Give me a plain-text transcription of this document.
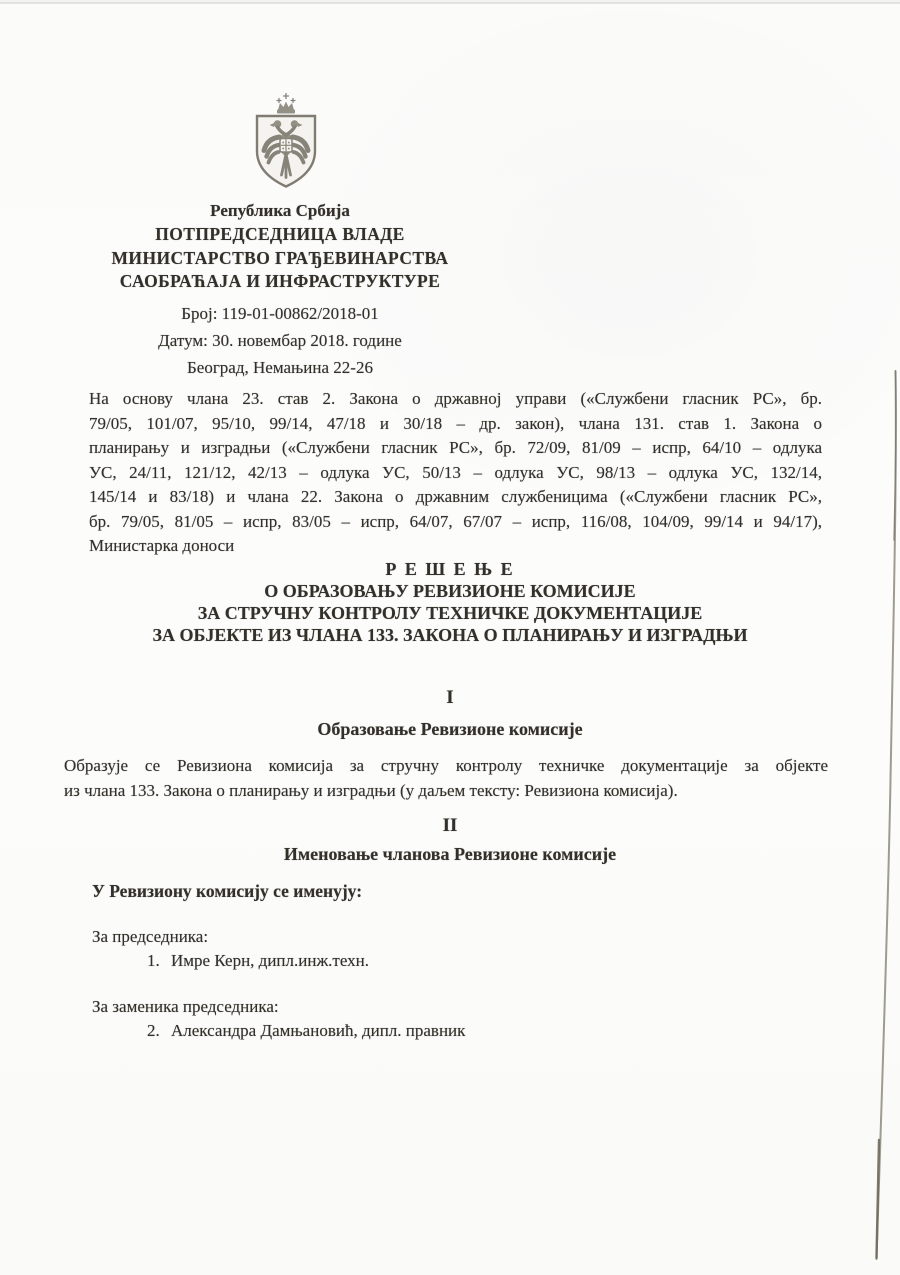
Република Србија
ПОТПРЕДСЕДНИЦА ВЛАДЕ
МИНИСТАРСТВО ГРАЂЕВИНАРСТВА
САОБРАЋАЈА И ИНФРАСТРУКТУРЕ
Број: 119-01-00862/2018-01
Датум: 30. новембар 2018. године
Београд, Немањина 22-26
На основу члана 23. став 2. Закона о државној управи («Службени гласник РС», бр.
79/05, 101/07, 95/10, 99/14, 47/18 и 30/18 – др. закон), члана 131. став 1. Закона о
планирању и изградњи («Службени гласник РС», бр. 72/09, 81/09 – испр, 64/10 – одлука
УС, 24/11, 121/12, 42/13 – одлука УС, 50/13 – одлука УС, 98/13 – одлука УС, 132/14,
145/14 и 83/18) и члана 22. Закона о државним службеницима («Службени гласник РС»,
бр. 79/05, 81/05 – испр, 83/05 – испр, 64/07, 67/07 – испр, 116/08, 104/09, 99/14 и 94/17),
Министарка доноси
Р Е Ш Е Њ Е
О ОБРАЗОВАЊУ РЕВИЗИОНЕ КОМИСИЈЕ
ЗА СТРУЧНУ КОНТРОЛУ ТЕХНИЧКЕ ДОКУМЕНТАЦИЈЕ
ЗА ОБЈЕКТЕ ИЗ ЧЛАНА 133. ЗАКОНА О ПЛАНИРАЊУ И ИЗГРАДЊИ
I
Образовање Ревизионе комисије
Образује се Ревизиона комисија за стручну контролу техничке документације за објекте
из члана 133. Закона о планирању и изградњи (у даљем тексту: Ревизиона комисија).
II
Именовање чланова Ревизионе комисије
У Ревизиону комисију се именују:
За председника:
1. Имре Керн, дипл.инж.техн.
За заменика председника:
2. Александра Дамњановић, дипл. правник
